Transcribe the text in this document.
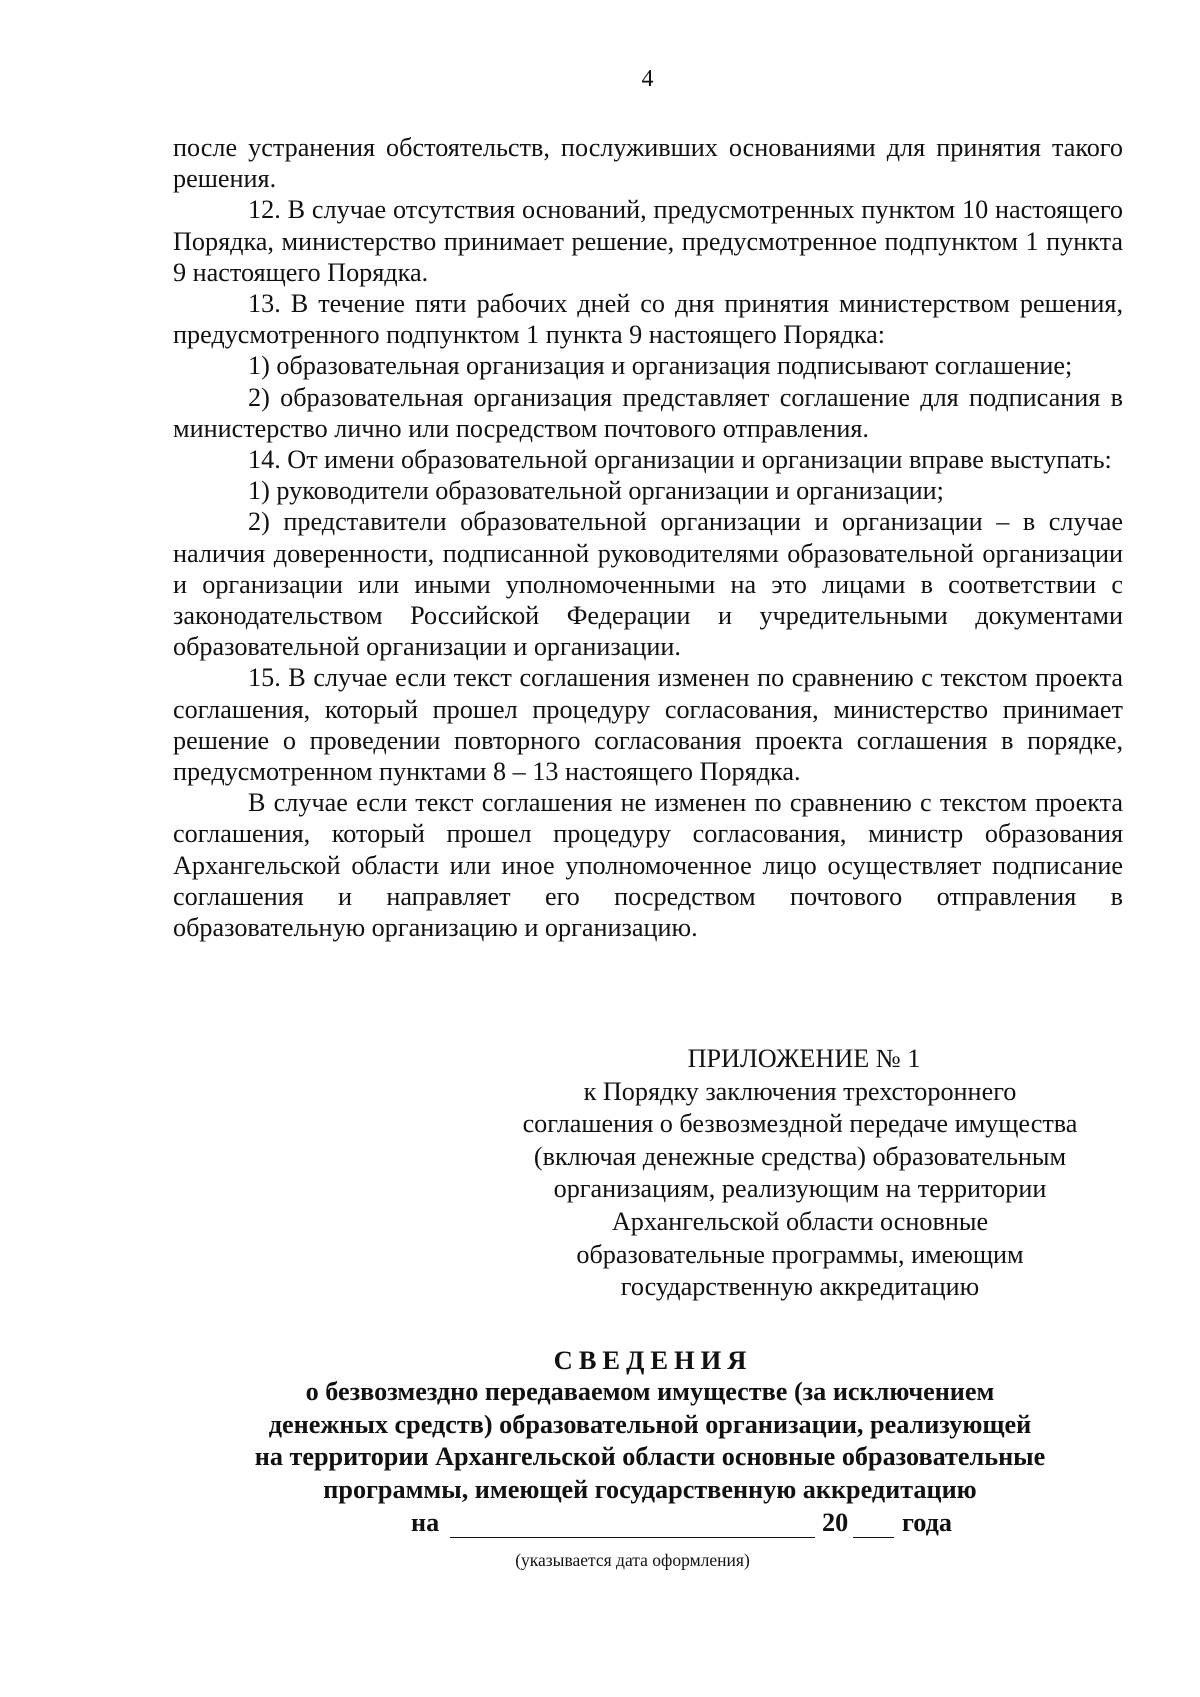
4

после устранения обстоятельств, послуживших основаниями для принятия такого решения.

12. В случае отсутствия оснований, предусмотренных пунктом 10 настоящего Порядка, министерство принимает решение, предусмотренное подпунктом 1 пункта 9 настоящего Порядка.

13. В течение пяти рабочих дней со дня принятия министерством решения, предусмотренного подпунктом 1 пункта 9 настоящего Порядка:

1) образовательная организация и организация подписывают соглашение;

2) образовательная организация представляет соглашение для подписания в министерство лично или посредством почтового отправления.

14. От имени образовательной организации и организации вправе выступать:

1) руководители образовательной организации и организации;

2) представители образовательной организации и организации – в случае наличия доверенности, подписанной руководителями образовательной организации и организации или иными уполномоченными на это лицами в соответствии с законодательством Российской Федерации и учредительными документами образовательной организации и организации.

15. В случае если текст соглашения изменен по сравнению с текстом проекта соглашения, который прошел процедуру согласования, министерство принимает решение о проведении повторного согласования проекта соглашения в порядке, предусмотренном пунктами 8 – 13 настоящего Порядка.

В случае если текст соглашения не изменен по сравнению с текстом проекта соглашения, который прошел процедуру согласования, министр образования Архангельской области или иное уполномоченное лицо осуществляет подписание соглашения и направляет его посредством почтового отправления в образовательную организацию и организацию.

ПРИЛОЖЕНИЕ № 1
к Порядку заключения трехстороннего
соглашения о безвозмездной передаче имущества
(включая денежные средства) образовательным
организациям, реализующим на территории
Архангельской области основные
образовательные программы, имеющим
государственную аккредитацию
СВЕДЕНИЯ
о безвозмездно передаваемом имуществе (за исключением
денежных средств) образовательной организации, реализующей
на территории Архангельской области основные образовательные
программы, имеющей государственную аккредитацию
на	20 года
(указывается дата оформления)
